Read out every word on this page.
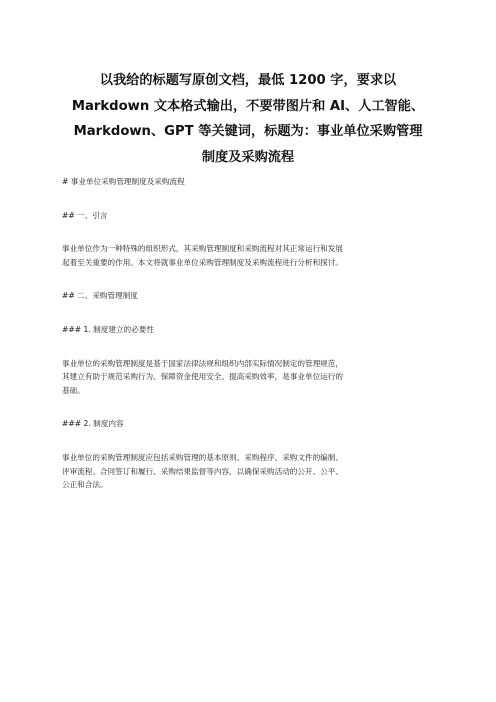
以我给的标题写原创文档，最低 1200 字，要求以
Markdown 文本格式输出，不要带图片和 AI、人工智能、
Markdown、GPT 等关键词，标题为：事业单位采购管理
制度及采购流程
# 事业单位采购管理制度及采购流程
## 一、引言
事业单位作为一种特殊的组织形式，其采购管理制度和采购流程对其正常运行和发展
起着至关重要的作用。本文将就事业单位采购管理制度及采购流程进行分析和探讨。
## 二、采购管理制度
### 1. 制度建立的必要性
事业单位的采购管理制度是基于国家法律法规和组织内部实际情况制定的管理规范，
其建立有助于规范采购行为、保障资金使用安全、提高采购效率，是事业单位运行的
基础。
### 2. 制度内容
事业单位的采购管理制度应包括采购管理的基本原则、采购程序、采购文件的编制、
评审流程、合同签订和履行、采购结果监督等内容，以确保采购活动的公开、公平、
公正和合法。
